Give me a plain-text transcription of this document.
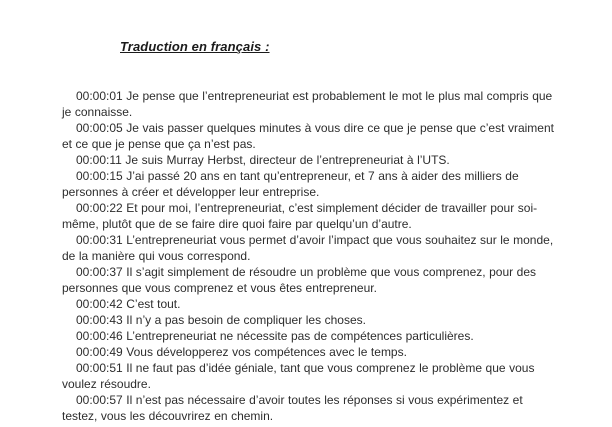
Traduction en français :

00:00:01 Je pense que l’entrepreneuriat est probablement le mot le plus mal compris que je connaisse.

00:00:05 Je vais passer quelques minutes à vous dire ce que je pense que c’est vraiment et ce que je pense que ça n’est pas.

00:00:11 Je suis Murray Herbst, directeur de l’entrepreneuriat à l’UTS.

00:00:15 J’ai passé 20 ans en tant qu’entrepreneur, et 7 ans à aider des milliers de personnes à créer et développer leur entreprise.

00:00:22 Et pour moi, l’entrepreneuriat, c’est simplement décider de travailler pour soi-même, plutôt que de se faire dire quoi faire par quelqu’un d’autre.

00:00:31 L’entrepreneuriat vous permet d’avoir l’impact que vous souhaitez sur le monde, de la manière qui vous correspond.

00:00:37 Il s’agit simplement de résoudre un problème que vous comprenez, pour des personnes que vous comprenez et vous êtes entrepreneur.

00:00:42 C’est tout.

00:00:43 Il n’y a pas besoin de compliquer les choses.

00:00:46 L’entrepreneuriat ne nécessite pas de compétences particulières.

00:00:49 Vous développerez vos compétences avec le temps.

00:00:51 Il ne faut pas d’idée géniale, tant que vous comprenez le problème que vous voulez résoudre.

00:00:57 Il n’est pas nécessaire d’avoir toutes les réponses si vous expérimentez et testez, vous les découvrirez en chemin.
